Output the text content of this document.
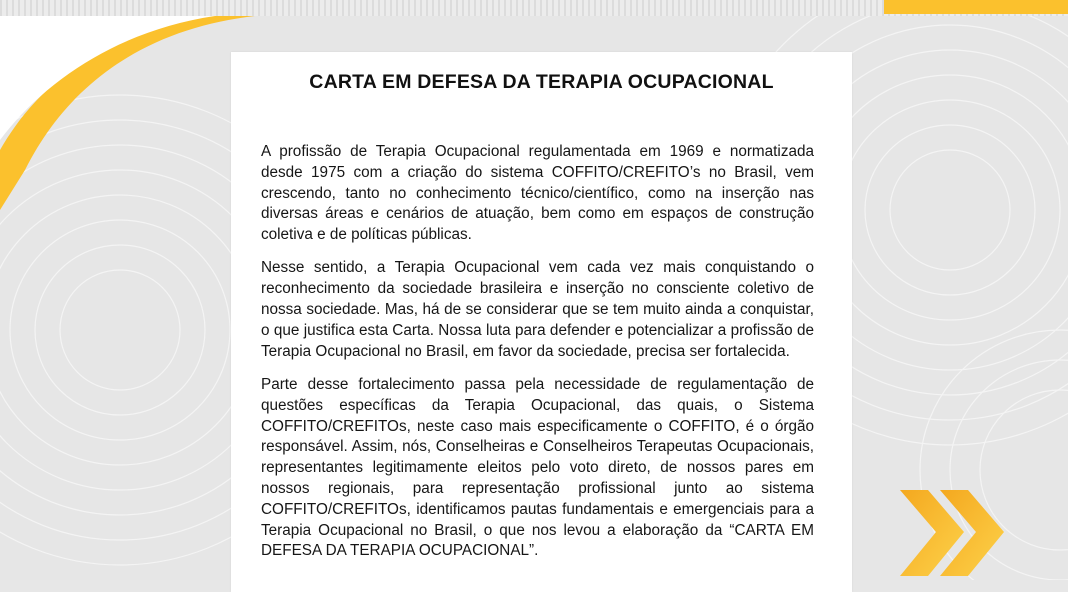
CARTA EM DEFESA DA TERAPIA OCUPACIONAL

A profissão de Terapia Ocupacional regulamentada em 1969 e normatizada desde 1975 com a criação do sistema COFFITO/CREFITO’s no Brasil, vem crescendo, tanto no conhecimento técnico/científico, como na inserção nas diversas áreas e cenários de atuação, bem como em espaços de construção coletiva e de políticas públicas.

Nesse sentido, a Terapia Ocupacional vem cada vez mais conquistando o reconhecimento da sociedade brasileira e inserção no consciente coletivo de nossa sociedade. Mas, há de se considerar que se tem muito ainda a conquistar, o que justifica esta Carta. Nossa luta para defender e potencializar a profissão de Terapia Ocupacional no Brasil, em favor da sociedade, precisa ser fortalecida.

Parte desse fortalecimento passa pela necessidade de regulamentação de questões específicas da Terapia Ocupacional, das quais, o Sistema COFFITO/CREFITOs, neste caso mais especificamente o COFFITO, é o órgão responsável. Assim, nós, Conselheiras e Conselheiros Terapeutas Ocupacionais, representantes legitimamente eleitos pelo voto direto, de nossos pares em nossos regionais, para representação profissional junto ao sistema COFFITO/CREFITOs, identificamos pautas fundamentais e emergenciais para a Terapia Ocupacional no Brasil, o que nos levou a elaboração da “CARTA EM DEFESA DA TERAPIA OCUPACIONAL”.
